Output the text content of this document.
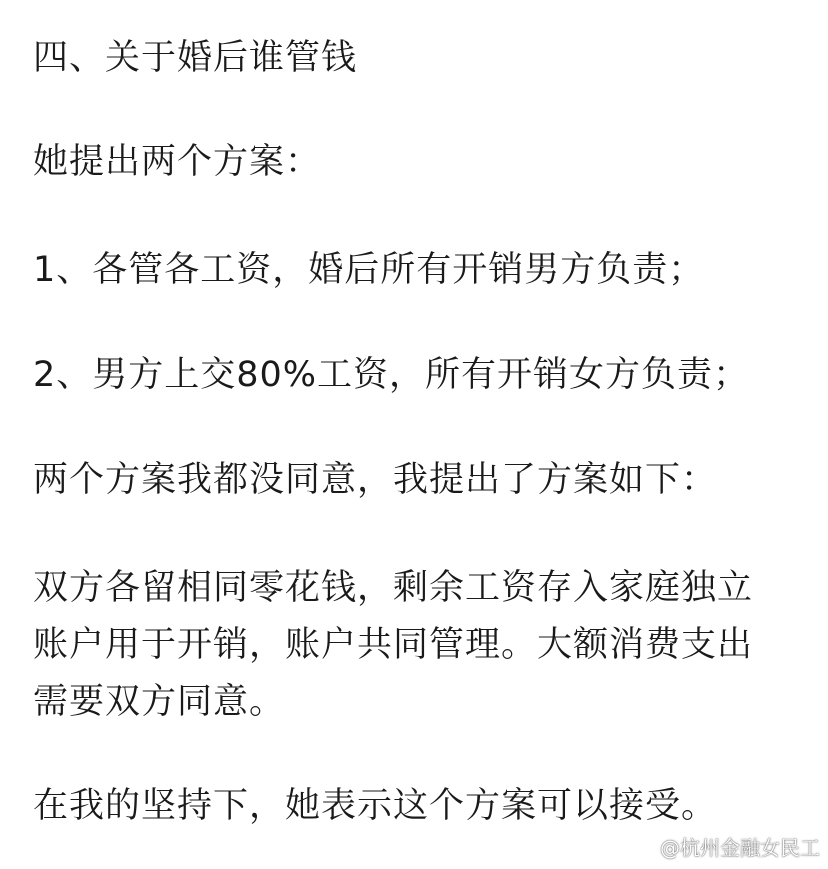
四、关于婚后谁管钱

她提出两个方案：

1、各管各工资，婚后所有开销男方负责；

2、男方上交80%工资，所有开销女方负责；

两个方案我都没同意，我提出了方案如下：

双方各留相同零花钱，剩余工资存入家庭独立
账户用于开销，账户共同管理。大额消费支出
需要双方同意。

在我的坚持下，她表示这个方案可以接受。

@杭州金融女民工
